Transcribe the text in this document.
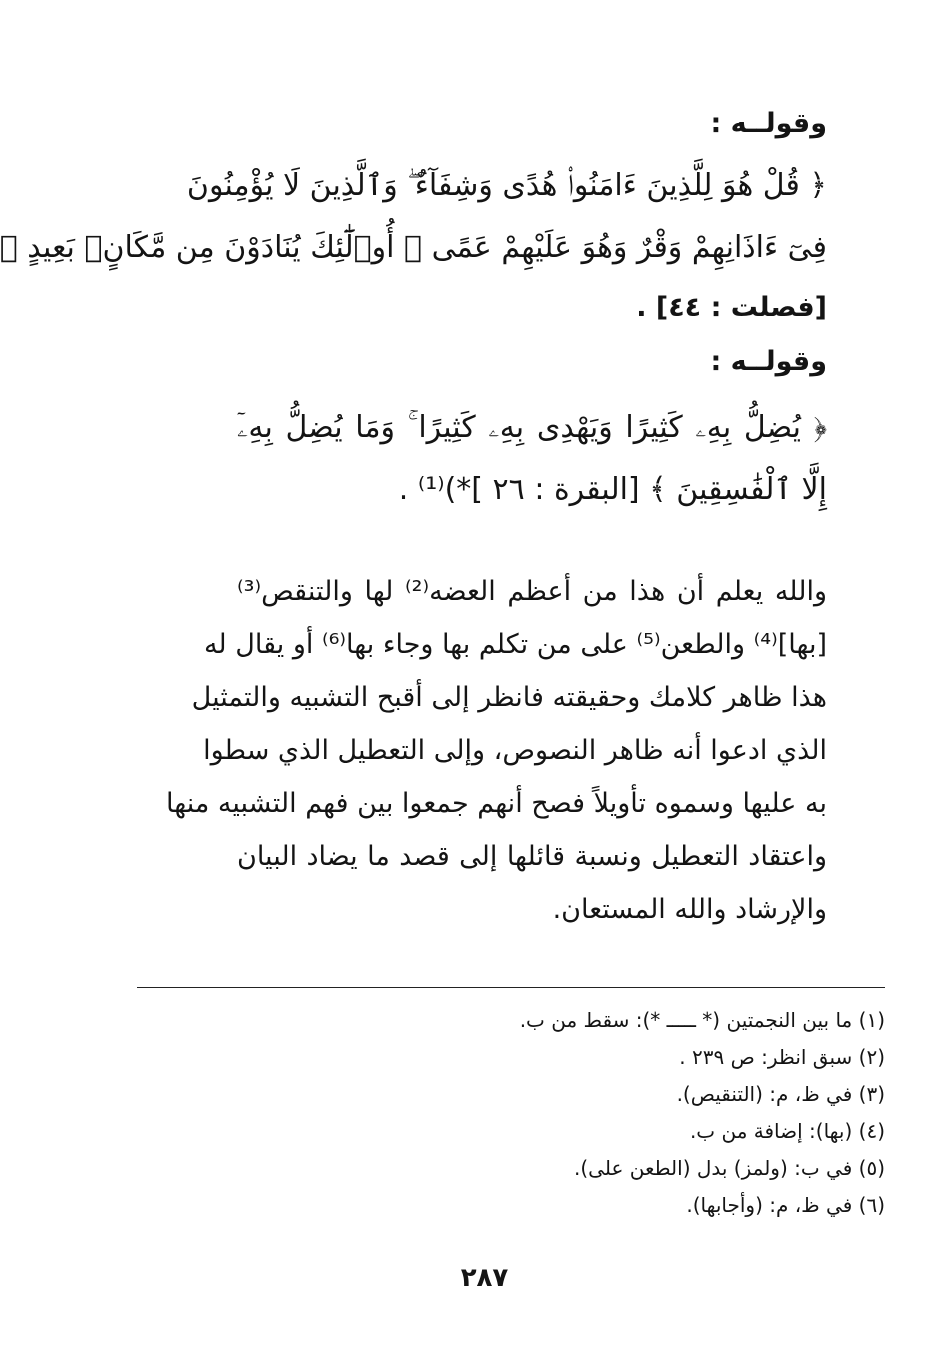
وقولــه :

﴿ قُلْ هُوَ لِلَّذِينَ ءَامَنُوا۟ هُدًى وَشِفَآءٌ ۖ وَٱلَّذِينَ لَا يُؤْمِنُونَ

فِىٓ ءَاذَانِهِمْ وَقْرٌ وَهُوَ عَلَيْهِمْ عَمًى ۚ أُو۟لَٰٓئِكَ يُنَادَوْنَ مِن مَّكَانٍۭ بَعِيدٍ ﴾

[فصلت : ٤٤] .

وقولــه :

﴿ يُضِلُّ بِهِۦ كَثِيرًا وَيَهْدِى بِهِۦ كَثِيرًا ۚ وَمَا يُضِلُّ بِهِۦٓ

إِلَّا ٱلْفَٰسِقِينَ ﴾ [البقرة : ٢٦ ]*)⁽¹⁾ .

والله يعلم أن هذا من أعظم العضه⁽²⁾ لها والتنقص⁽³⁾

[بها]⁽⁴⁾ والطعن⁽⁵⁾ على من تكلم بها وجاء بها⁽⁶⁾ أو يقال له

هذا ظاهر كلامك وحقيقته فانظر إلى أقبح التشبيه والتمثيل

الذي ادعوا أنه ظاهر النصوص، وإلى التعطيل الذي سطوا

به عليها وسموه تأويلاً فصح أنهم جمعوا بين فهم التشبيه منها

واعتقاد التعطيل ونسبة قائلها إلى قصد ما يضاد البيان

والإرشاد والله المستعان.

(١) ما بين النجمتين (* ـــــ *): سقط من ب.

(٢) سبق انظر: ص ٢٣٩ .

(٣) في ظ، م: (التنقيص).

(٤) (بها): إضافة من ب.

(٥) في ب: (ولمز) بدل (الطعن على).

(٦) في ظ، م: (وأجابها).

٢٨٧
